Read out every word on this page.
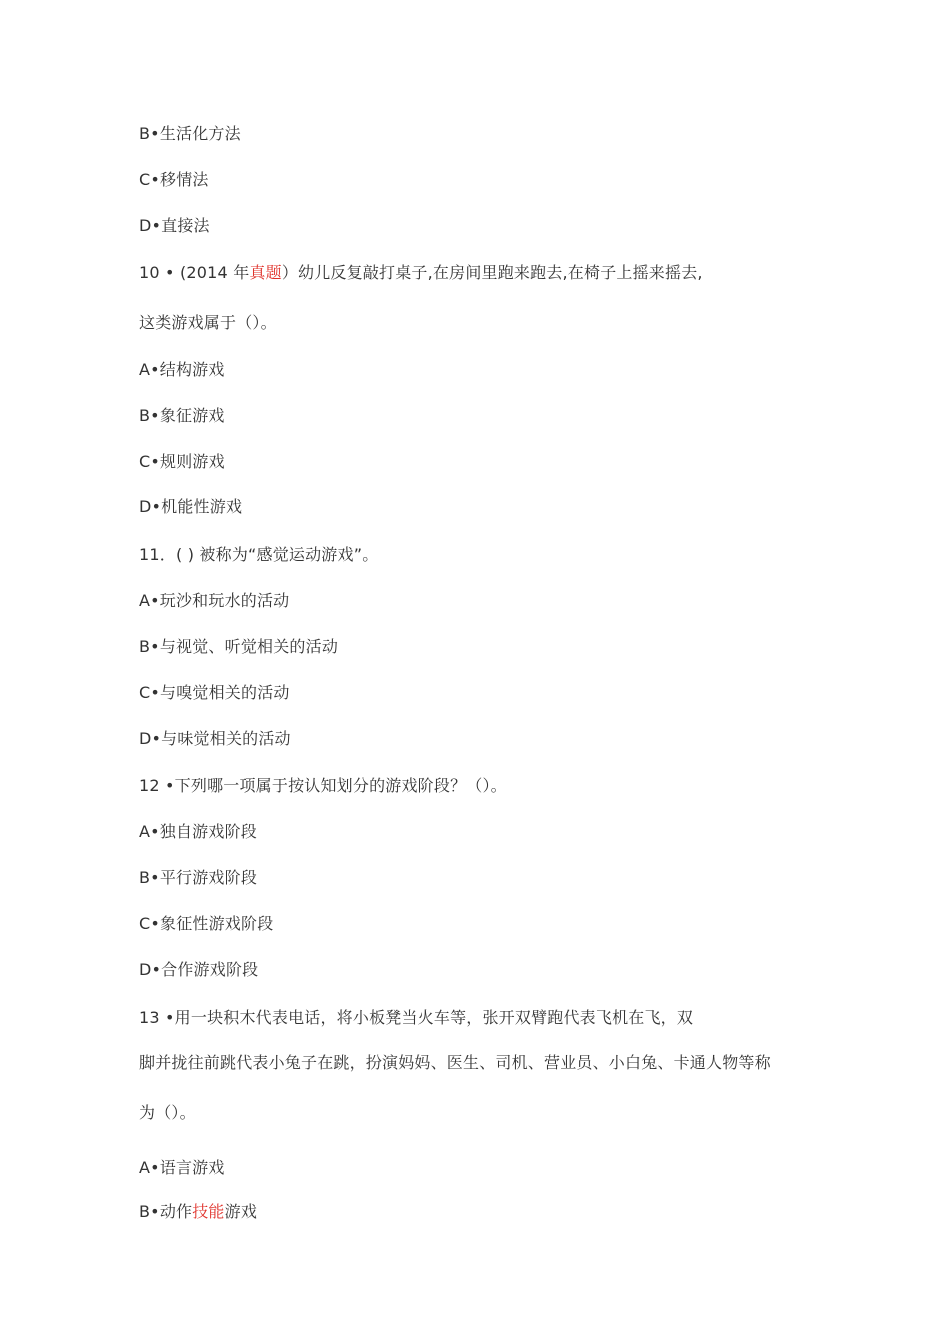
B•生活化方法
C•移情法
D•直接法
10 • (2014 年真题）幼儿反复敲打桌子,在房间里跑来跑去,在椅子上摇来摇去,
这类游戏属于（）。
A•结构游戏
B•象征游戏
C•规则游戏
D•机能性游戏
11．( ) 被称为“感觉运动游戏”。
A•玩沙和玩水的活动
B•与视觉、听觉相关的活动
C•与嗅觉相关的活动
D•与味觉相关的活动
12 •下列哪一项属于按认知划分的游戏阶段？（）。
A•独自游戏阶段
B•平行游戏阶段
C•象征性游戏阶段
D•合作游戏阶段
13 •用一块积木代表电话，将小板凳当火车等，张开双臂跑代表飞机在飞，双
脚并拢往前跳代表小兔子在跳，扮演妈妈、医生、司机、营业员、小白兔、卡通人物等称
为（）。
A•语言游戏
B•动作技能游戏
